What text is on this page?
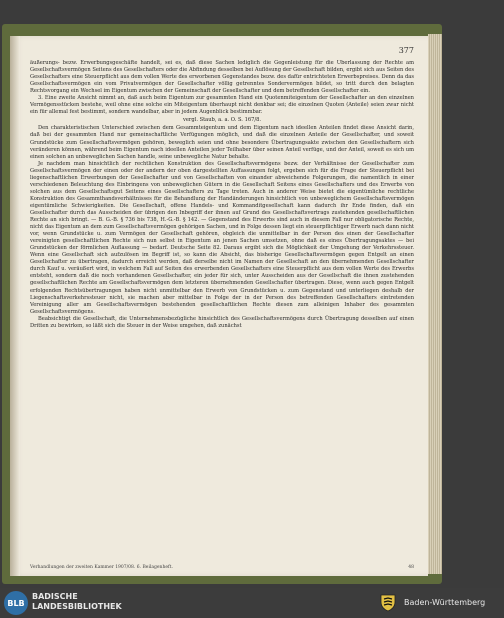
377

äußerungs- bezw. Erwerbungsgeschäfte handelt, sei es, daß diese Sachen lediglich die Gegenleistung für die Überlassung der Rechte am Gesellschaftsvermögen Seitens des Gesellschafters oder die Abfindung desselben bei Auflösung der Gesellschaft bilden, ergibt sich aus Seiten des Gesellschafters eine Steuerpflicht aus dem vollen Werte des erworbenen Gegenstandes bezw. des dafür entrichteten Erwerbspreises. Denn da das Gesellschaftsvermögen ein vom Privatvermögen der Gesellschafter völlig getrenntes Sondervermögen bildet, so tritt durch den belagten Rechtsvorgang ein Wechsel im Eigentum zwischen der Gemeinschaft der Gesellschafter und dem betreffenden Gesellschafter ein.

3. Eine zweite Ansicht nimmt an, daß auch beim Eigentum zur gesammten Hand ein Quotenmiteigentum der Gesellschafter an den einzelnen Vermögensstücken bestehe, weil ohne eine solche ein Miteigentum überhaupt nicht denkbar sei; die einzelnen Quoten (Anteile) seien zwar nicht ein für allemal fest bestimmt, sondern wandelbar, aber in jedem Augenblick bestimmbar.

vergl. Staub, a. a. O. S. 167/8.

Den charakteristischen Unterschied zwischen dem Gesammteigentum und dem Eigentum nach ideellen Anteilen findet diese Ansicht darin, daß bei der gesammten Hand nur gemeinschaftliche Verfügungen möglich, und daß die einzelnen Anteile der Gesellschafter, und soweit Grundstücke zum Gesellschaftsvermögen gehören, beweglich seien und ohne besondere Übertragungsakte zwischen den Gesellschaftern sich veränderen können, während beim Eigentum nach ideellen Anteilen jeder Teilhaber über seinen Anteil verfüge, und der Anteil, soweit es sich um einen solchen an unbeweglichen Sachen handle, seine unbewegliche Natur behalte.

Je nachdem man hinsichtlich der rechtlichen Konstruktion des Gesellschaftsvermögens bezw. der Verhältnisse der Gesellschafter zum Gesellschaftsvermögen der einen oder der andern der oben dargestellten Auffassungen folgt, ergeben sich für die Frage der Steuerpflicht bei liegenschaftlichen Erwerbungen der Gesellschafter und von Gesellschaften von einander abweichende Folgerungen, die namentlich in einer verschiedenen Beleuchtung des Einbringens von unbeweglichen Gütern in die Gesellschaft Seitens eines Gesellschafters und des Erwerbs von solchen aus dem Gesellschaftsgut Seitens eines Gesellschafters zu Tage treten. Auch in anderer Weise bietet die eigentümliche rechtliche Konstruktion des Gesammthandsverhältnisses für die Behandlung der Handänderungen hinsichtlich von unbeweglichem Gesellschaftsvermögen eigentümliche Schwierigkeiten. Die Gesellschaft, offene Handels- und Kommanditgesellschaft kann dadurch ihr Ende finden, daß ein Gesellschafter durch das Ausscheiden der übrigen den Inbegriff der ihnen auf Grund des Gesellschaftsvertrags zustehenden gesellschaftlichen Rechte an sich bringt. — B. G.-B. § 736 bis 738, H.-G.-B. § 142. — Gegenstand des Erwerbs sind auch in diesem Fall nur obligatorische Rechte, nicht das Eigentum an dem zum Gesellschaftsvermögen gehörigen Sachen, und in Folge dessen liegt ein steuerpflichtiger Erwerb nach dann nicht vor, wenn Grundstücke u. zum Vermögen der Gesellschaft gehören, obgleich die unmittelbar in der Person des einen der Gesellschafter vereinigten gesellschaftlichen Rechte sich nun selbst in Eigentum an jenen Sachen umsetzen, ohne daß es eines Übertragungsaktes — bei Grundstücken der förmlichen Auflassung — bedarf. Deutsche Seite 82. Daraus ergibt sich die Möglichkeit der Umgehung der Verkehrssteuer. Wenn eine Gesellschaft sich aufzulösen im Begriff ist, so kann die Absicht, das bisherige Gesellschaftsvermögen gegen Entgelt an einen Gesellschafter zu übertragen, dadurch erreicht werden, daß derselbe nicht im Namen der Gesellschaft an den übernehmenden Gesellschafter durch Kauf u. veräußert wird, in welchem Fall auf Seiten des erwerbenden Gesellschafters eine Steuerpflicht aus dem vollen Werte des Erwerbs entsteht, sondern daß die noch vorhandenen Gesellschafter, ein jeder für sich, unter Ausscheiden aus der Gesellschaft die ihnen zustehenden gesellschaftlichen Rechte am Gesellschaftsvermögen dem letzteren übernehmenden Gesellschafter übertragen. Diese, wenn auch gegen Entgelt erfolgenden Rechtsübertragungen haben nicht unmittelbar den Erwerb von Grundstücken u. zum Gegenstand und unterliegen deshalb der Liegenschaftsverkehrssteuer nicht, sie machen aber mittelbar in Folge der in der Person des betreffenden Gesellschafters eintretenden Vereinigung aller am Gesellschaftsvermögen bestehenden gesellschaftlichen Rechte diesen zum alleinigen Inhaber des gesammten Gesellschaftsvermögens.

Beabsichtigt die Gesellschaft, die Unternehmensbezügliche hinsichtlich des Gesellschaftsvermögens durch Übertragung desselben auf einen Dritten zu bewirken, so läßt sich die Steuer in der Weise umgehen, daß zunächst

Verhandlungen der zweiten Kammer 1907/08. 6. Beilagenheft.	48
BLB
BADISCHE
LANDESBIBLIOTHEK	Baden-Württemberg
